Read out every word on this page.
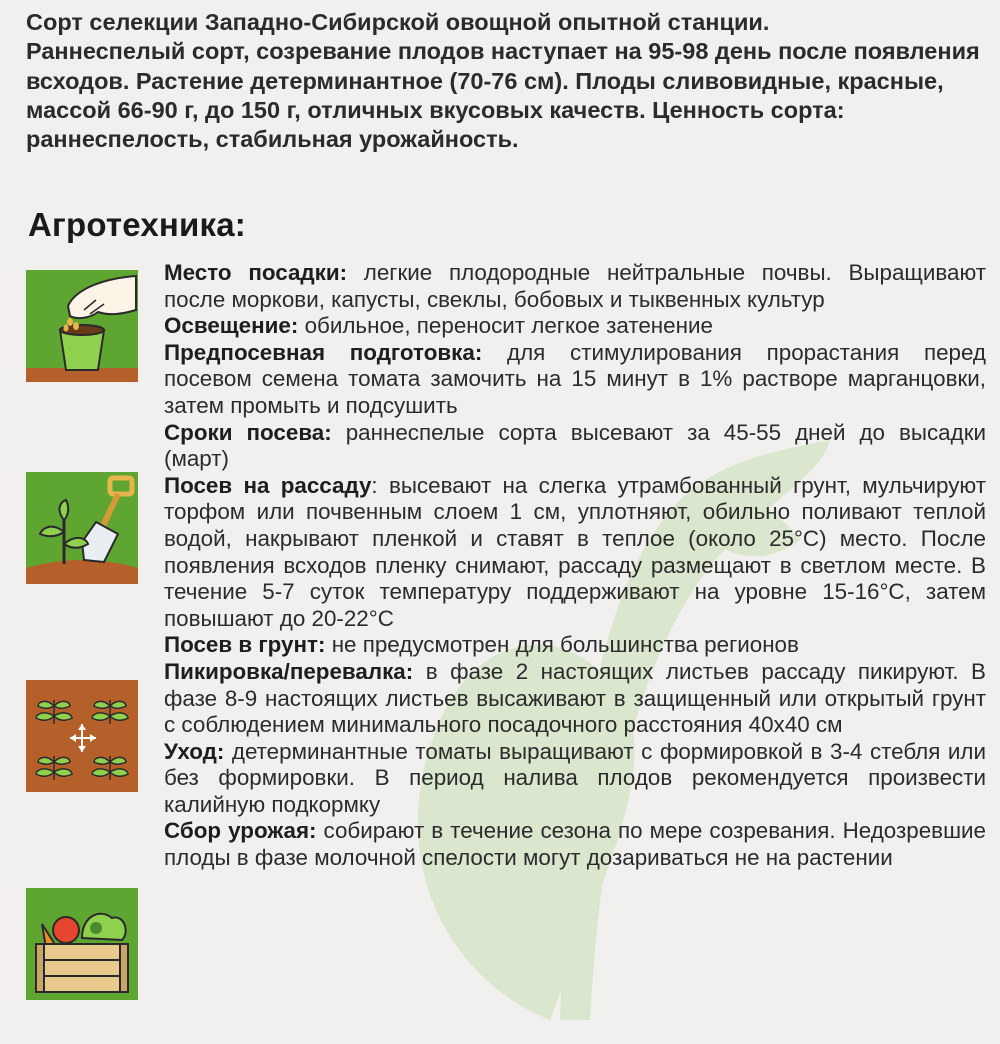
Сорт селекции Западно-Сибирской овощной опытной станции.
Раннеспелый сорт, созревание плодов наступает на 95-98 день после появления всходов. Растение детерминантное (70-76 см). Плоды сливовидные, красные, массой 66-90 г, до 150 г, отличных вкусовых качеств. Ценность сорта: раннеспелость, стабильная урожайность.
Агротехника:

Место посадки: легкие плодородные нейтральные почвы. Выращивают после моркови, капусты, свеклы, бобовых и тыквенных культур

Освещение: обильное, переносит легкое затенение

Предпосевная подготовка: для стимулирования прорастания перед посевом семена томата замочить на 15 минут в 1% растворе марганцовки, затем промыть и подсушить

Сроки посева: раннеспелые сорта высевают за 45-55 дней до высадки (март)

Посев на рассаду: высевают на слегка утрамбованный грунт, мульчируют торфом или почвенным слоем 1 см, уплотняют, обильно поливают теплой водой, накрывают пленкой и ставят в теплое (около 25°C) место. После появления всходов пленку снимают, рассаду размещают в светлом месте. В течение 5-7 суток температуру поддерживают на уровне 15-16°C, затем повышают до 20-22°C

Посев в грунт: не предусмотрен для большинства регионов

Пикировка/перевалка: в фазе 2 настоящих листьев рассаду пикируют. В фазе 8-9 настоящих листьев высаживают в защищенный или открытый грунт с соблюдением минимального посадочного расстояния 40x40 см

Уход: детерминантные томаты выращивают с формировкой в 3-4 стебля или без формировки. В период налива плодов рекомендуется произвести калийную подкормку

Сбор урожая: собирают в течение сезона по мере созревания. Недозревшие плоды в фазе молочной спелости могут дозариваться не на растении
